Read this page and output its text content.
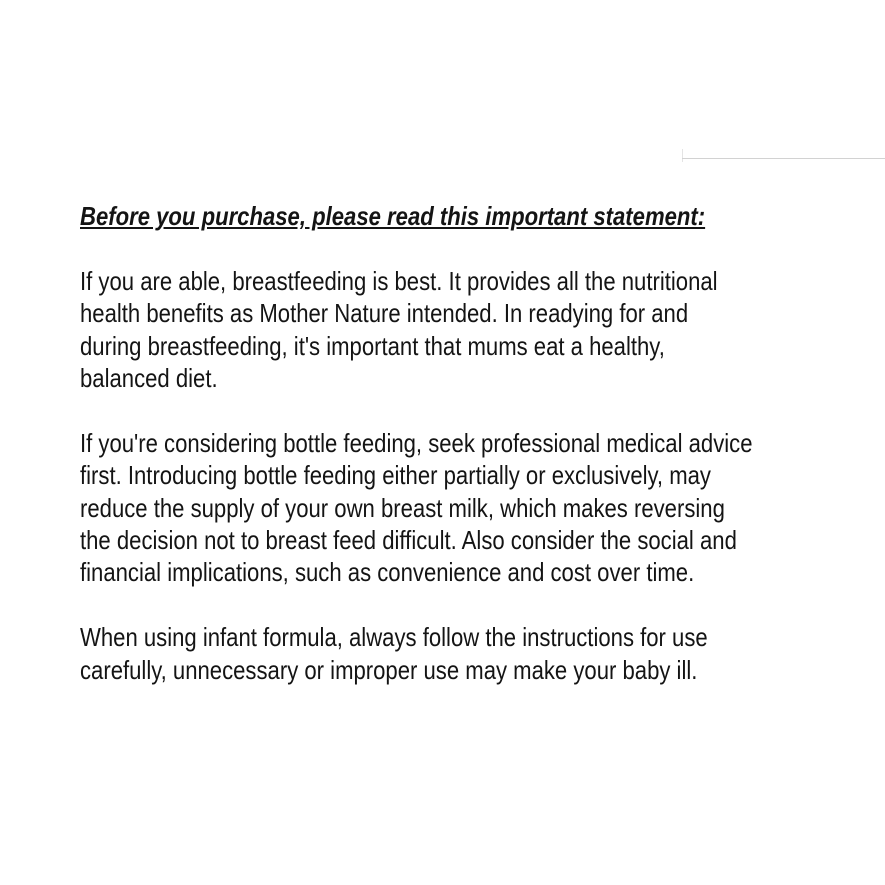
Before you purchase, please read this important statement:
If you are able, breastfeeding is best. It provides all the nutritional
health benefits as Mother Nature intended. In readying for and
during breastfeeding, it's important that mums eat a healthy,
balanced diet.
If you're considering bottle feeding, seek professional medical advice
first. Introducing bottle feeding either partially or exclusively, may
reduce the supply of your own breast milk, which makes reversing
the decision not to breast feed difficult. Also consider the social and
financial implications, such as convenience and cost over time.
When using infant formula, always follow the instructions for use
carefully, unnecessary or improper use may make your baby ill.
